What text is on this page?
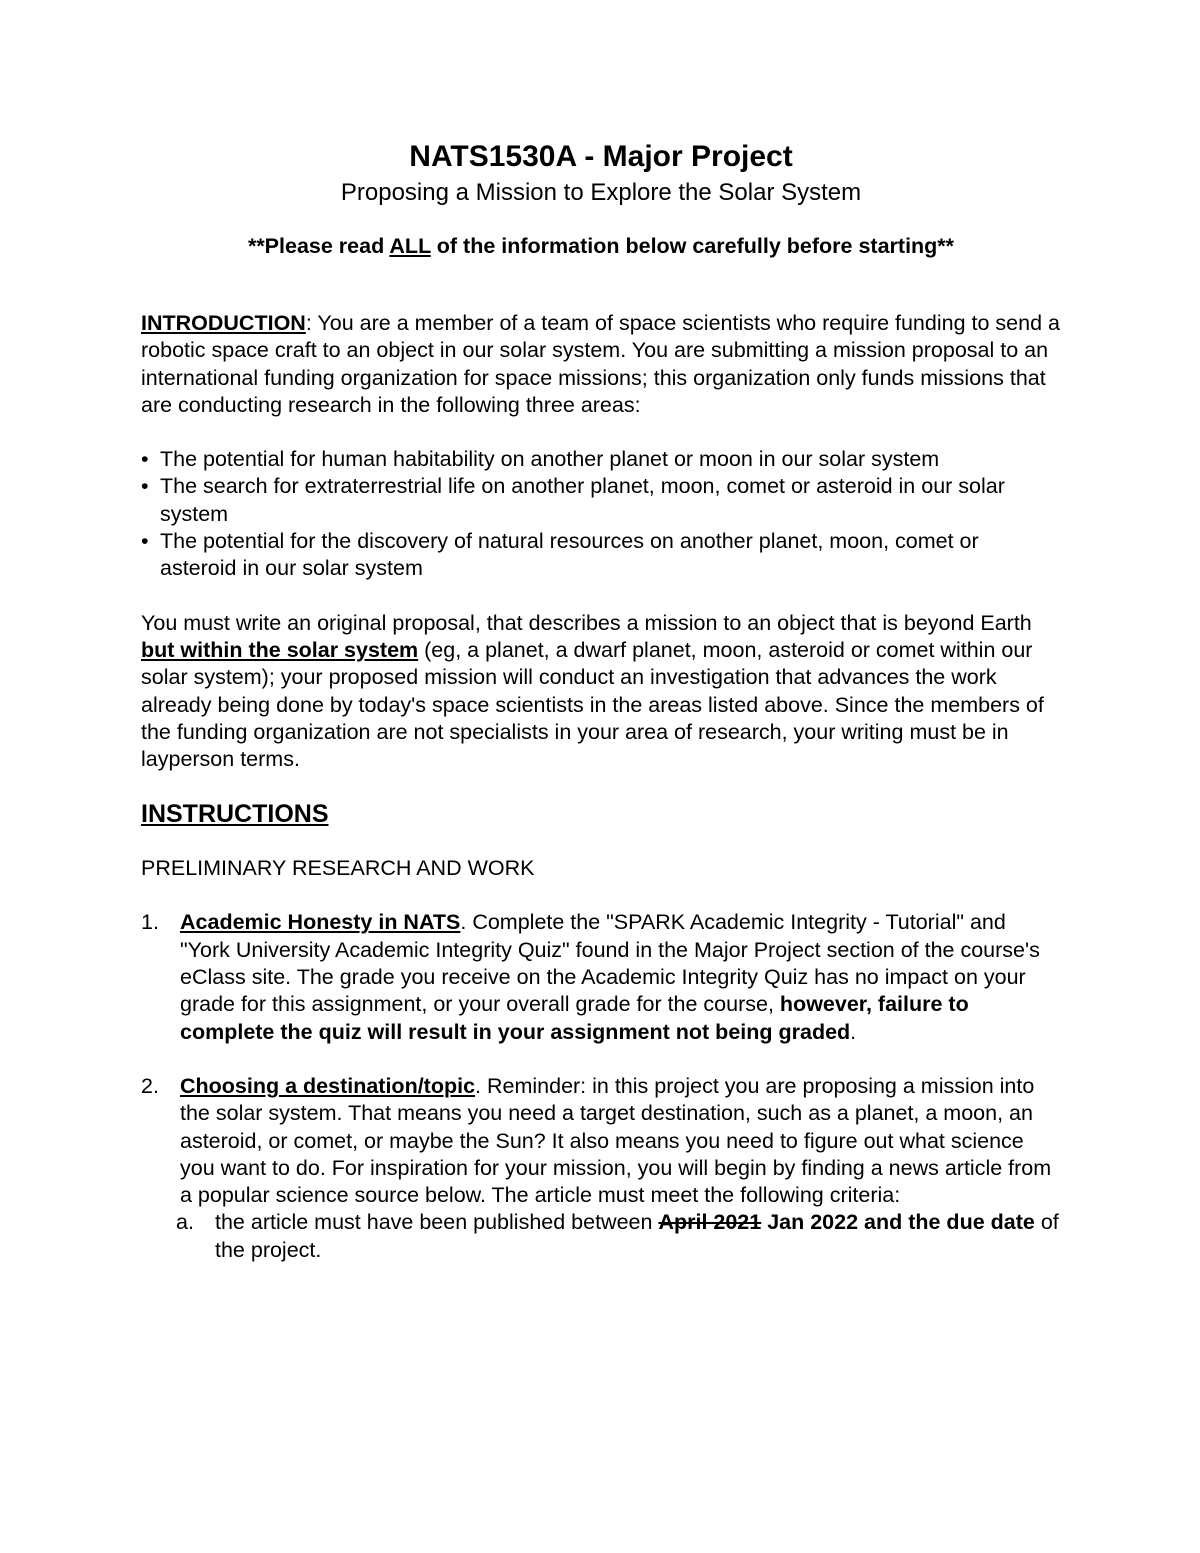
NATS1530A - Major Project
Proposing a Mission to Explore the Solar System
**Please read ALL of the information below carefully before starting**

INTRODUCTION: You are a member of a team of space scientists who require funding to send a robotic space craft to an object in our solar system. You are submitting a mission proposal to an international funding organization for space missions; this organization only funds missions that are conducting research in the following three areas:

• The potential for human habitability on another planet or moon in our solar system
• The search for extraterrestrial life on another planet, moon, comet or asteroid in our solar system
• The potential for the discovery of natural resources on another planet, moon, comet or asteroid in our solar system

You must write an original proposal, that describes a mission to an object that is beyond Earth but within the solar system (eg, a planet, a dwarf planet, moon, asteroid or comet within our solar system); your proposed mission will conduct an investigation that advances the work already being done by today's space scientists in the areas listed above. Since the members of the funding organization are not specialists in your area of research, your writing must be in layperson terms.

INSTRUCTIONS
PRELIMINARY RESEARCH AND WORK
1. Academic Honesty in NATS. Complete the "SPARK Academic Integrity - Tutorial" and "York University Academic Integrity Quiz" found in the Major Project section of the course's eClass site. The grade you receive on the Academic Integrity Quiz has no impact on your grade for this assignment, or your overall grade for the course, however, failure to complete the quiz will result in your assignment not being graded.
2. Choosing a destination/topic. Reminder: in this project you are proposing a mission into the solar system. That means you need a target destination, such as a planet, a moon, an asteroid, or comet, or maybe the Sun? It also means you need to figure out what science you want to do. For inspiration for your mission, you will begin by finding a news article from a popular science source below. The article must meet the following criteria:
a. the article must have been published between April 2021 Jan 2022 and the due date of the project.
